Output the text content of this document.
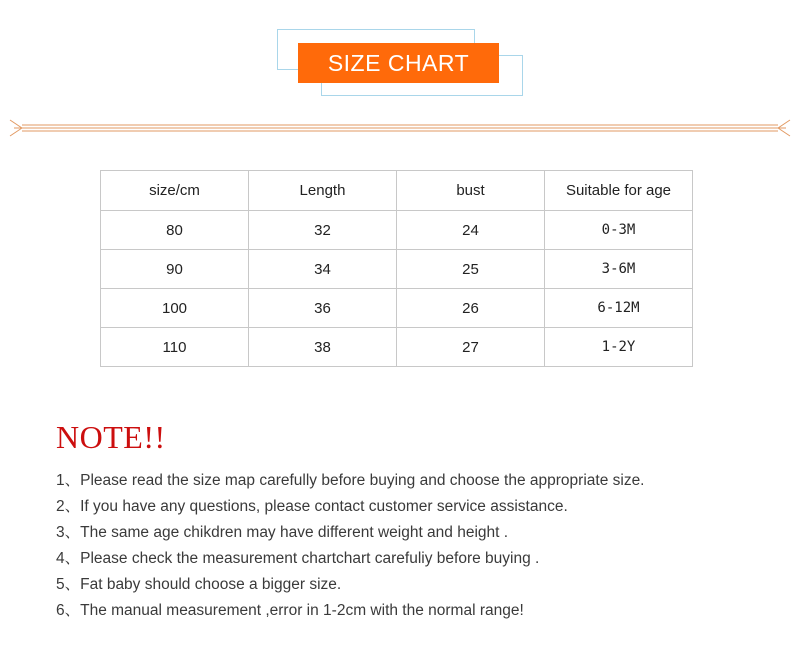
SIZE CHART
size/cm	Length	bust	Suitable for age
80	32	24	0-3M
90	34	25	3-6M
100	36	26	6-12M
110	38	27	1-2Y
NOTE!!
1、Please read the size map carefully before buying and choose the appropriate size.
2、If you have any questions, please contact customer service assistance.
3、The same age chikdren may have different weight and height .
4、Please check the measurement chartchart carefuliy before buying .
5、Fat baby should choose a bigger size.
6、The manual measurement ,error in 1-2cm with the normal range!
